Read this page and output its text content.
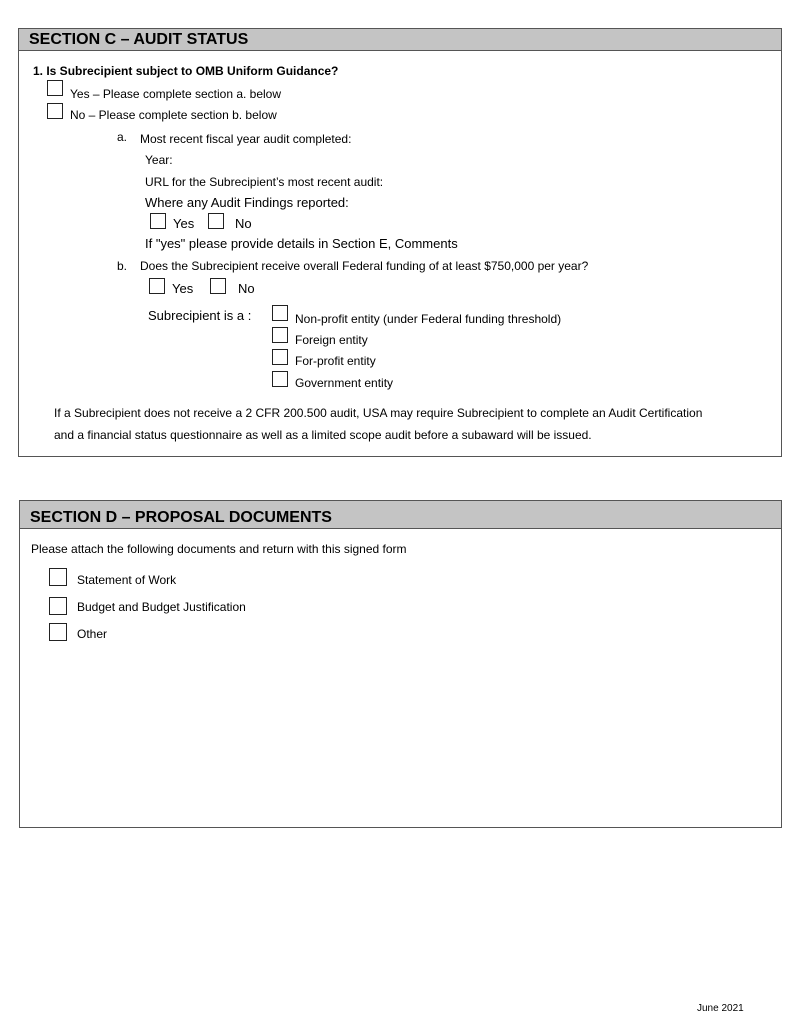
SECTION C – AUDIT STATUS
1. Is Subrecipient subject to OMB Uniform Guidance?
Yes – Please complete section a. below
No – Please complete section b. below
a. Most recent fiscal year audit completed:
Year:
URL for the Subrecipient’s most recent audit:
Where any Audit Findings reported:
Yes	No
If "yes" please provide details in Section E, Comments
b. Does the Subrecipient receive overall Federal funding of at least $750,000 per year?
Yes	No
Subrecipient is a :	Non-profit entity (under Federal funding threshold)
Foreign entity
For-profit entity
Government entity
If a Subrecipient does not receive a 2 CFR 200.500 audit, USA may require Subrecipient to complete an Audit Certification
and a financial status questionnaire as well as a limited scope audit before a subaward will be issued.
SECTION D – PROPOSAL DOCUMENTS
Please attach the following documents and return with this signed form
Statement of Work
Budget and Budget Justification
Other
June 2021
